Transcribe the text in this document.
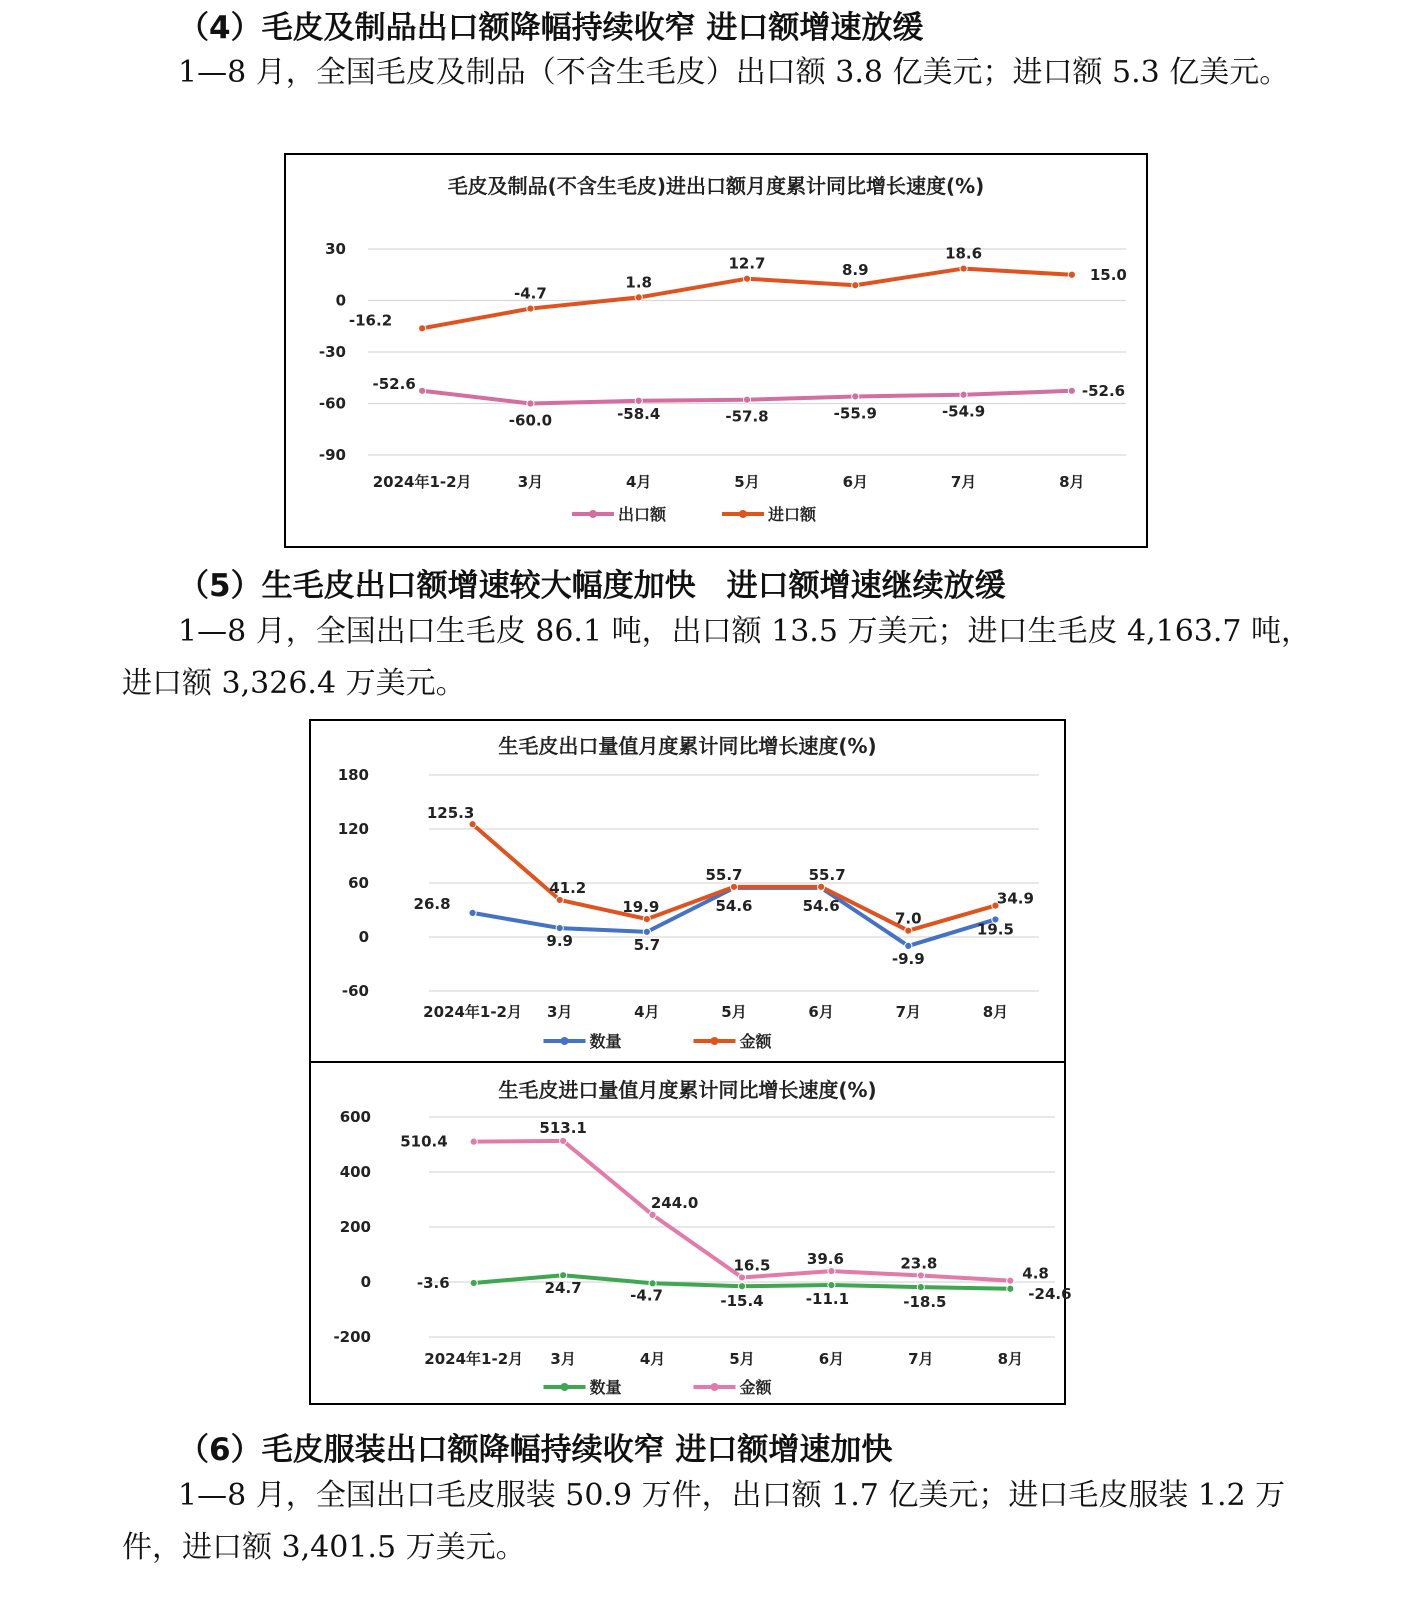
（4）毛皮及制品出口额降幅持续收窄 进口额增速放缓
1—8 月，全国毛皮及制品（不含生毛皮）出口额 3.8 亿美元；进口额 5.3 亿美元。
毛皮及制品(不含生毛皮)进出口额月度累计同比增长速度(%)
30
0
-30
-60
-90
2024年1-2月	3月	4月	5月	6月	7月	8月
-52.6
-60.0	-58.4	-57.8	-55.9	-54.9
-52.6
-16.2
-4.7
1.8
12.7	8.9
18.6
15.0
出口额	进口额
（5）生毛皮出口额增速较大幅度加快　进口额增速继续放缓
1—8 月，全国出口生毛皮 86.1 吨，出口额 13.5 万美元；进口生毛皮 4,163.7 吨，进口额 3,326.4 万美元。
生毛皮出口量值月度累计同比增长速度(%)
180
120
60
0
-60
2024年1-2月 3月	4月	5月	6月	7月	8月
26.8
9.9	5.7
54.6	54.6
-9.9
19.5
125.3
41.2
19.9
55.7	55.7
7.0
34.9
数量	金额
生毛皮进口量值月度累计同比增长速度(%)
600
400
200
0
-200
2024年1-2月 3月	4月	5月	6月	7月	8月
-3.6	24.7	-4.7	-15.4	-11.1	-18.5	-24.6
510.4
513.1
244.0
16.5 39.6	23.8
4.8
数量	金额
（6）毛皮服装出口额降幅持续收窄 进口额增速加快
1—8 月，全国出口毛皮服装 50.9 万件，出口额 1.7 亿美元；进口毛皮服装 1.2 万件，进口额 3,401.5 万美元。
